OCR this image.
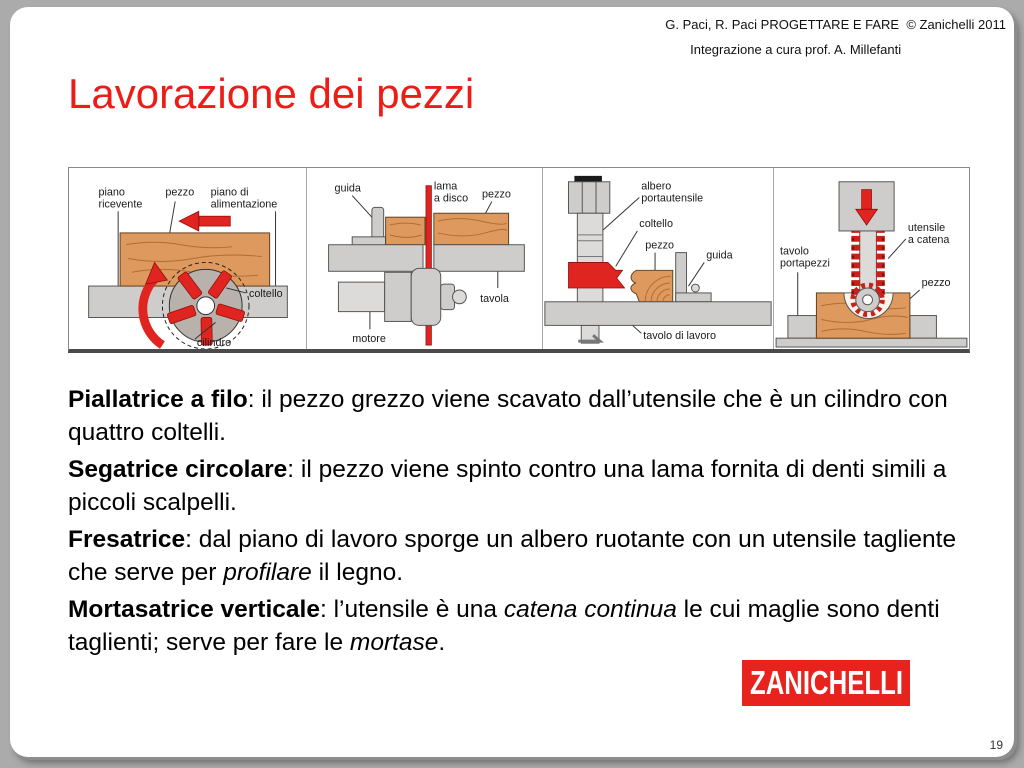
G. Paci, R. Paci PROGETTARE E FARE  © Zanichelli 2011
Integrazione a cura prof. A. Millefanti
Lavorazione dei pezzi
piano
ricevente
pezzo piano di
alimentazione
coltello
cilindro
guida	lama
a disco pezzo
tavola
motore
albero
portautensile
coltello
pezzo
guida
tavolo di lavoro
tavolo
portapezzi
utensile
a catena
pezzo

Piallatrice a filo: il pezzo grezzo viene scavato dall’utensile che è un cilindro con quattro coltelli.

Segatrice circolare: il pezzo viene spinto contro una lama fornita di denti simili a piccoli scalpelli.

Fresatrice: dal piano di lavoro sporge un albero ruotante con un utensile tagliente che serve per profilare il legno.

Mortasatrice verticale: l’utensile è una catena continua le cui maglie sono denti taglienti; serve per fare le mortase.

ZANICHELLI
19
